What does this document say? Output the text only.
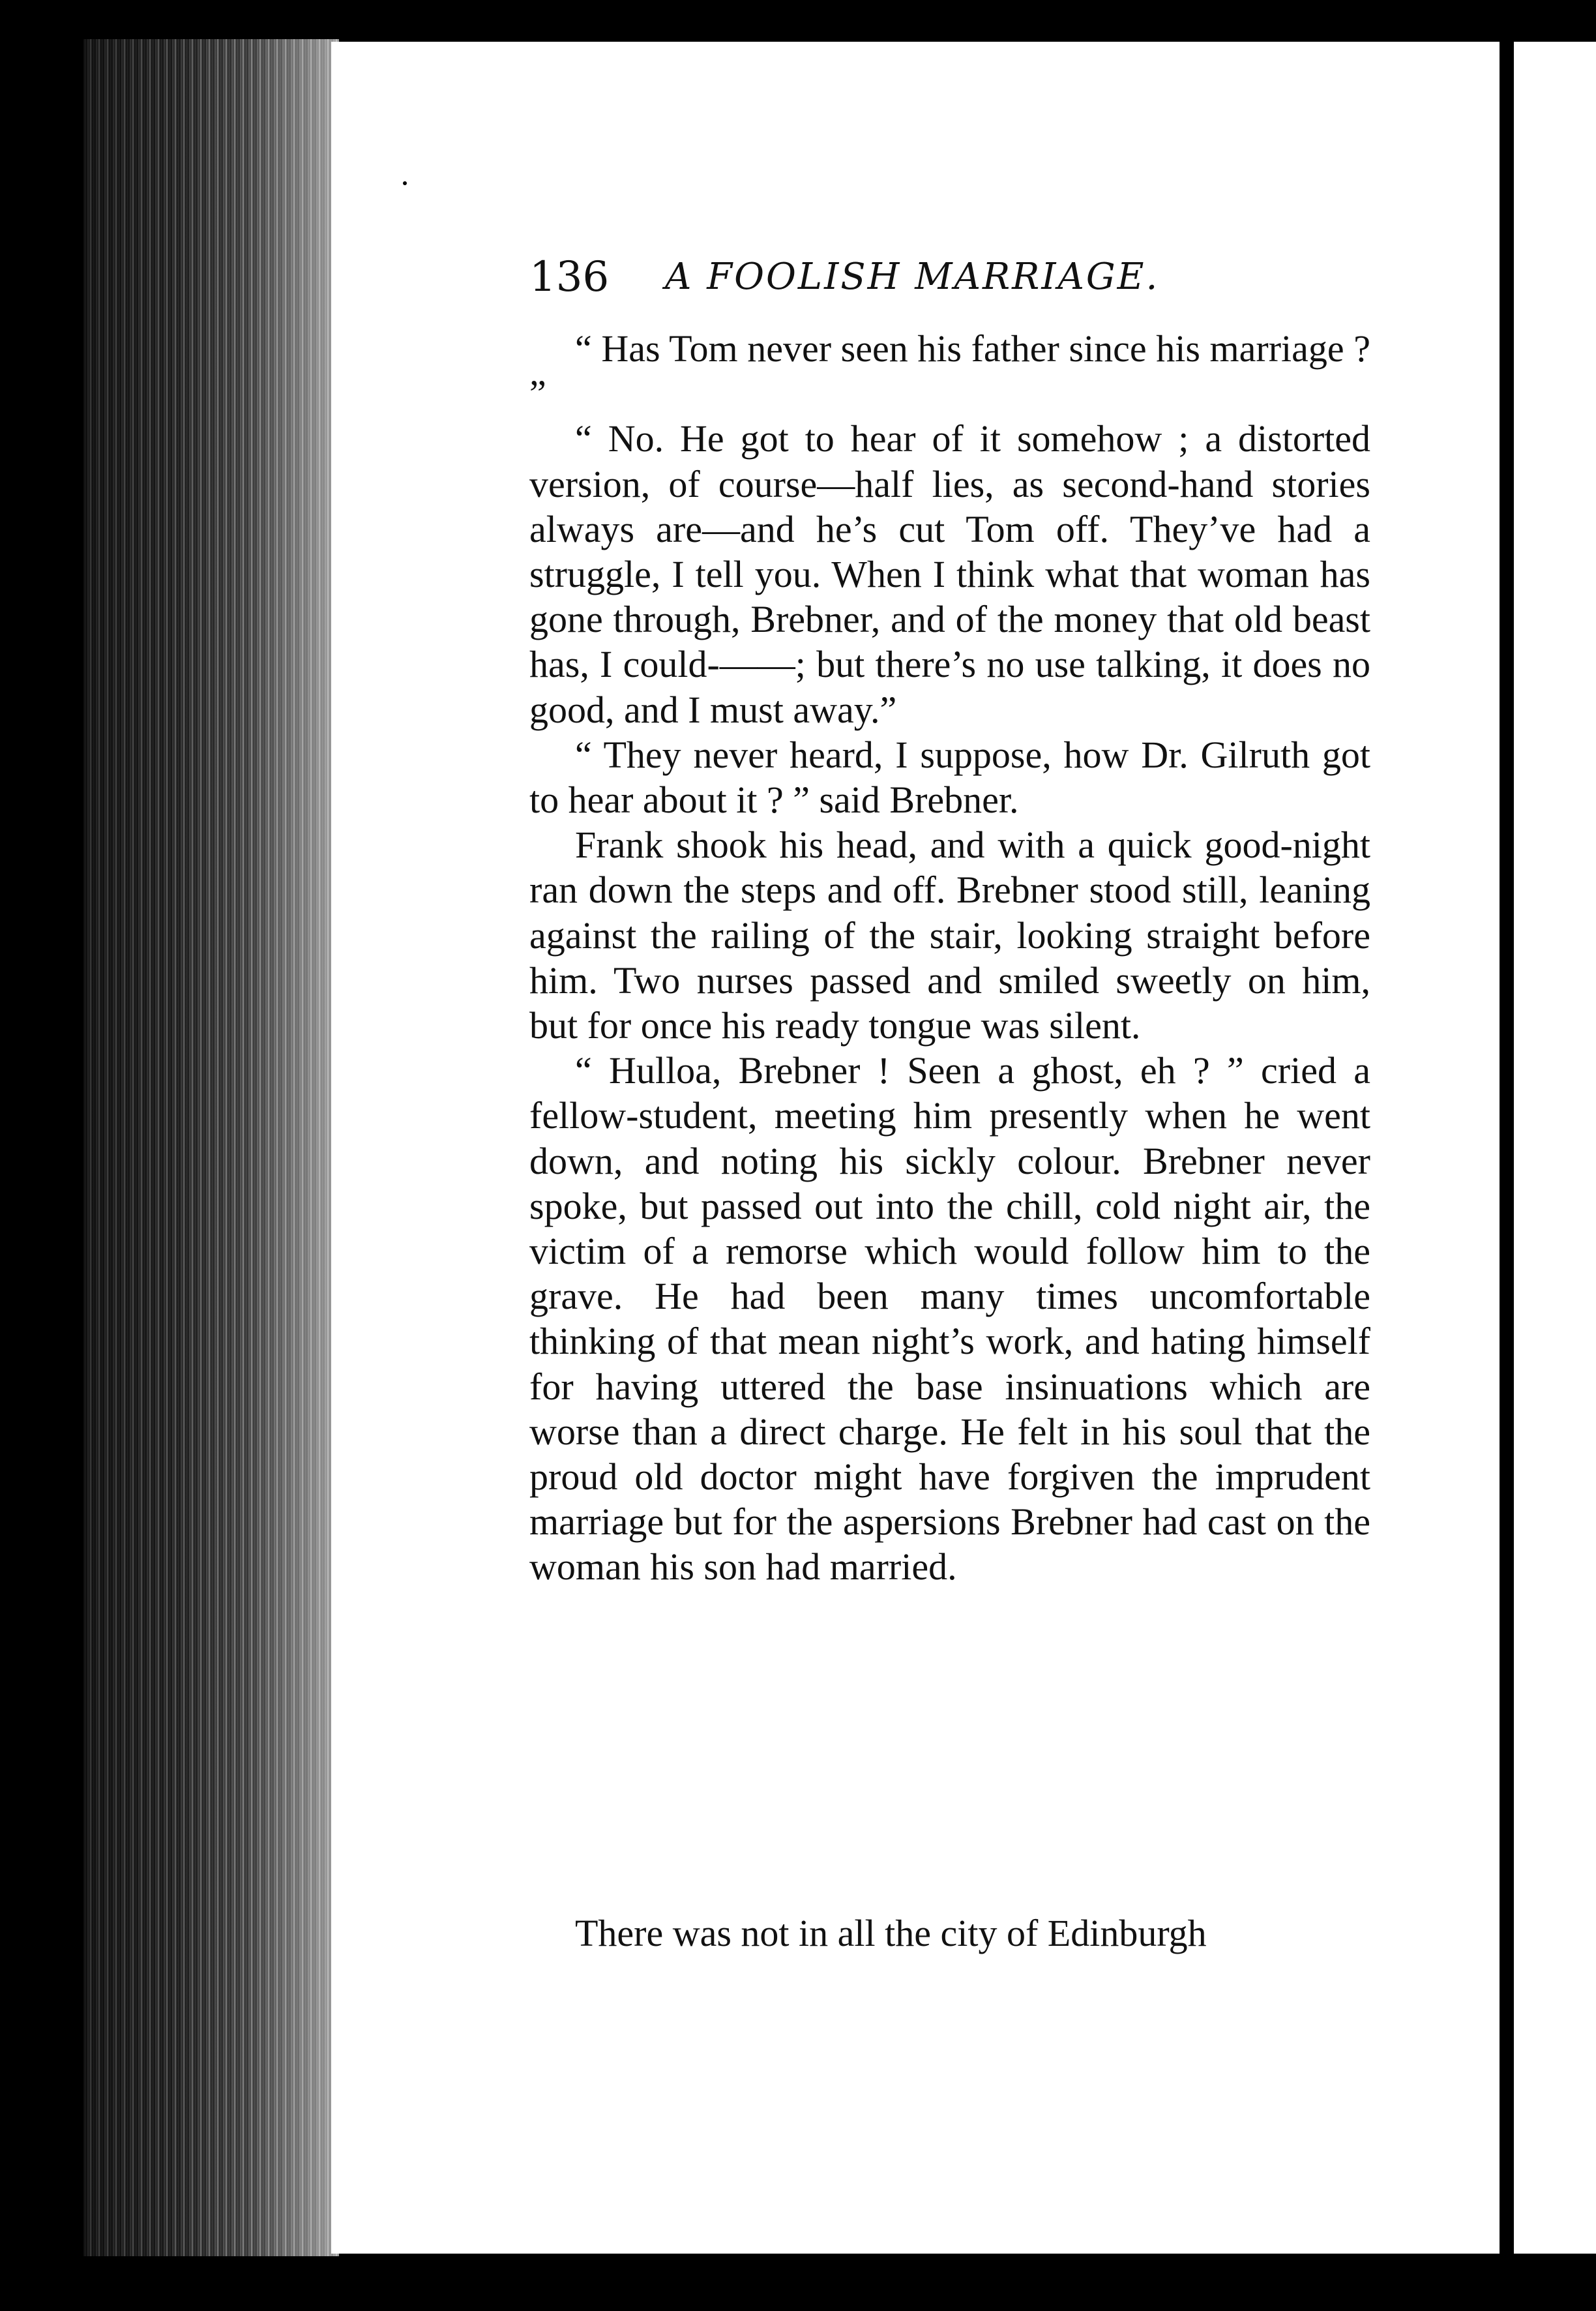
136 A FOOLISH MARRIAGE.

“ Has Tom never seen his father since his marriage ? ”

“ No. He got to hear of it somehow ; a distorted version, of course—half lies, as second-hand stories always are—and he’s cut Tom off. They’ve had a struggle, I tell you. When I think what that woman has gone through, Brebner, and of the money that old beast has, I could-——; but there’s no use talking, it does no good, and I must away.”

“ They never heard, I suppose, how Dr. Gilruth got to hear about it ? ” said Brebner.

Frank shook his head, and with a quick good-night ran down the steps and off. Brebner stood still, leaning against the railing of the stair, looking straight before him. Two nurses passed and smiled sweetly on him, but for once his ready tongue was silent.

“ Hulloa, Brebner ! Seen a ghost, eh ? ” cried a fellow-student, meeting him presently when he went down, and noting his sickly colour. Brebner never spoke, but passed out into the chill, cold night air, the victim of a remorse which would follow him to the grave. He had been many times uncomfortable thinking of that mean night’s work, and hating himself for having uttered the base insinuations which are worse than a direct charge. He felt in his soul that the proud old doctor might have forgiven the imprudent marriage but for the aspersions Brebner had cast on the woman his son had married.

There was not in all the city of Edinburgh
